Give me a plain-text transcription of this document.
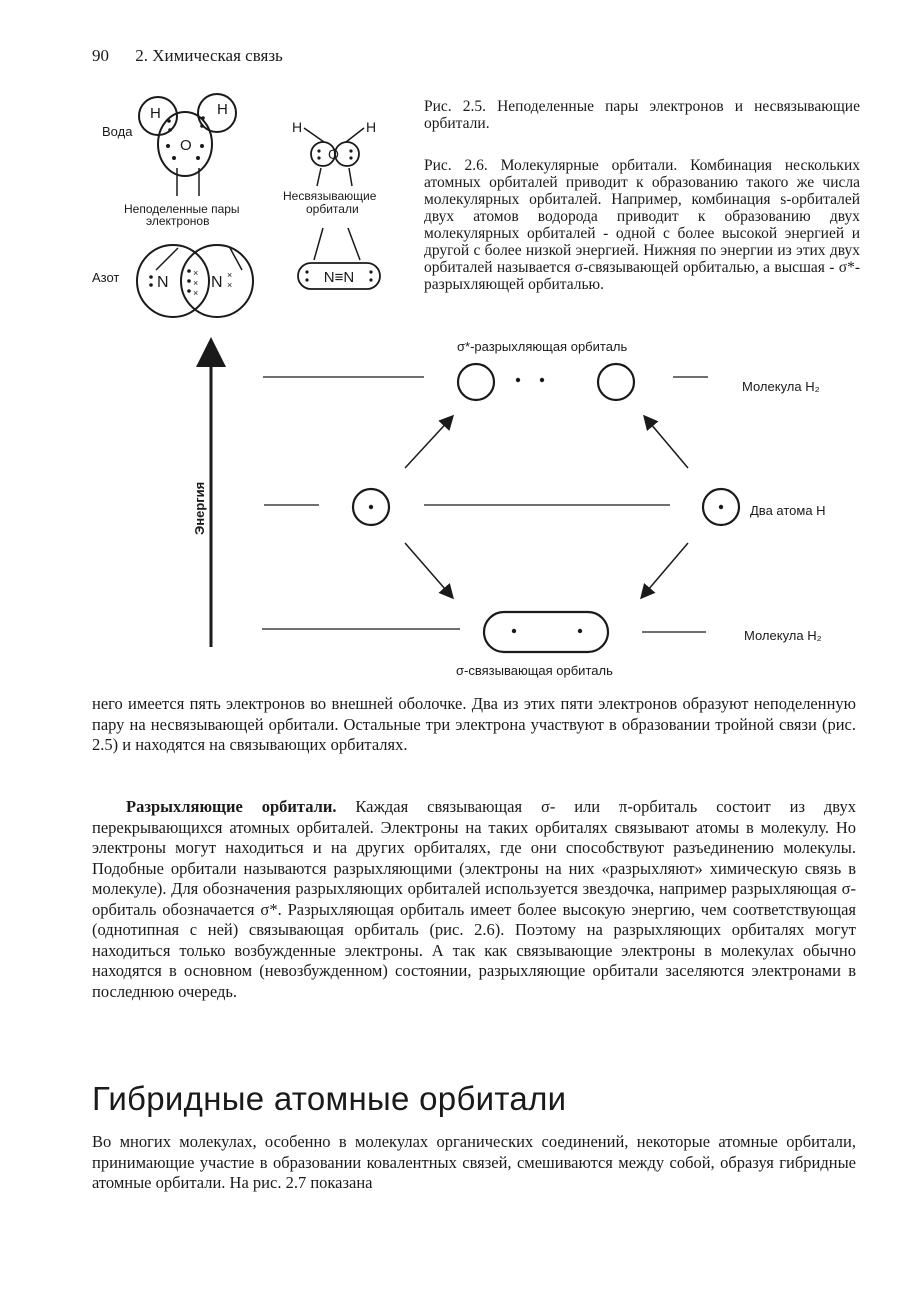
90 2. Химическая связь
H	H
O
Вода
Неподеленные пары
электронов
N	N
×
×
×
×
×
Азот
H	H
O
Несвязывающие
орбитали
N≡N
Рис. 2.5. Неподеленные пары электронов и несвязывающие орбитали.
Рис. 2.6. Молекулярные орбитали. Комбинация нескольких атомных орбиталей приводит к образованию такого же числа молекулярных орбиталей. Например, комбинация s-орбиталей двух атомов водорода приводит к образованию двух молекулярных орбиталей - одной с более высокой энергией и другой с более низкой энергией. Нижняя по энергии из этих двух орбиталей называется σ-связывающей орбиталью, а высшая - σ*-разрыхляющей орбиталью.
Энергия
σ*-разрыхляющая орбиталь
Молекула H₂
Два атома H
Молекула H₂
σ-связывающая орбиталь

него имеется пять электронов во внешней оболочке. Два из этих пяти электронов образуют неподеленную пару на несвязывающей орбитали. Остальные три электрона участвуют в образовании тройной связи (рис. 2.5) и находятся на связывающих орбиталях.

Разрыхляющие орбитали. Каждая связывающая σ- или π-орбиталь состоит из двух перекрывающихся атомных орбиталей. Электроны на таких орбиталях связывают атомы в молекулу. Но электроны могут находиться и на других орбиталях, где они способствуют разъединению молекулы. Подобные орбитали называются разрыхляющими (электроны на них «разрыхляют» химическую связь в молекуле). Для обозначения разрыхляющих орбиталей используется звездочка, например разрыхляющая σ-орбиталь обозначается σ*. Разрыхляющая орбиталь имеет более высокую энергию, чем соответствующая (однотипная с ней) связывающая орбиталь (рис. 2.6). Поэтому на разрыхляющих орбиталях могут находиться только возбужденные электроны. А так как связывающие электроны в молекулах обычно находятся в основном (невозбужденном) состоянии, разрыхляющие орбитали заселяются электронами в последнюю очередь.

Гибридные атомные орбитали

Во многих молекулах, особенно в молекулах органических соединений, некоторые атомные орбитали, принимающие участие в образовании ковалентных связей, смешиваются между собой, образуя гибридные атомные орбитали. На рис. 2.7 показана
